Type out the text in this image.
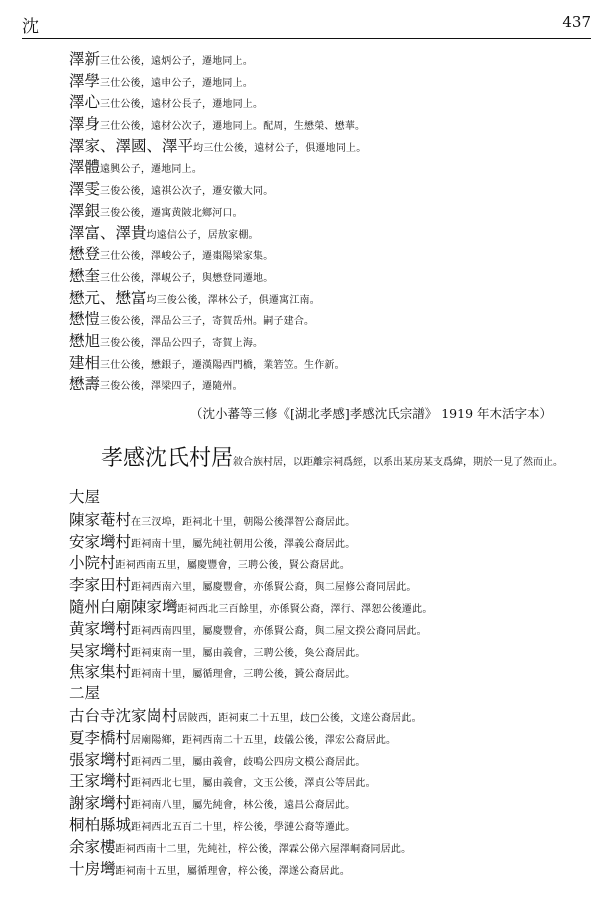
沈	437
澤新三仕公後，遠炳公子，遷地同上。
澤學三仕公後，遠申公子，遷地同上。
澤心三仕公後，遠材公長子，遷地同上。
澤身三仕公後，遠材公次子，遷地同上。配周，生懋榮、懋華。
澤家、澤國、澤平均三仕公後，遠材公子，俱遷地同上。
澤體遠興公子，遷地同上。
澤雯三俊公後，遠祺公次子，遷安徽大同。
澤銀三俊公後，遷寓黄陂北鄉河口。
澤富、澤貴均遠信公子，居敖家棚。
懋登三仕公後，澤峻公子，遷棗陽梁家集。
懋奎三仕公後，澤峴公子，與懋登同遷地。
懋元、懋富均三俊公後，澤林公子，俱遷寓江南。
懋愷三俊公後，澤品公三子，寄賀岳州。嗣子建合。
懋旭三俊公後，澤品公四子，寄賀上海。
建相三仕公後，懋銀子，遷漢陽西門橋，業箬笠。生作新。
懋壽三俊公後，澤梁四子，遷隨州。
（沈小蕃等三修《[湖北孝感]孝感沈氏宗譜》 1919 年木活字本）
孝感沈氏村居敘合族村居，以距離宗祠爲經，以系出某房某支爲緯，期於一見了然而止。
大屋
陳家菴村在三汊埠，距祠北十里，朝陽公後澤智公裔居此。
安家壪村距祠南十里，屬先純社朝用公後，澤義公裔居此。
小院村距祠西南五里，屬慶豐會，三聘公後，賢公裔居此。
李家田村距祠西南六里，屬慶豐會，亦係賢公裔，與二屋修公裔同居此。
隨州白廟陳家壪距祠西北三百餘里，亦係賢公裔，澤行、澤恕公後遷此。
黄家壪村距祠西南四里，屬慶豐會，亦係賢公裔，與二屋文揆公裔同居此。
吴家壪村距祠東南一里，屬由義會，三聘公後，奐公裔居此。
焦家集村距祠南十里，屬循理會，三聘公後，贇公裔居此。
二屋
古台寺沈家崗村居陂西，距祠東二十五里，歧□公後，文達公裔居此。
夏李橋村居廟陽鄉，距祠西南二十五里，歧儀公後，澤宏公裔居此。
張家壪村距祠西二里，屬由義會，歧鳴公四房文模公裔居此。
王家壪村距祠西北七里，屬由義會，文玉公後，澤貞公等居此。
謝家壪村距祠南八里，屬先純會，林公後，遠昌公裔居此。
桐柏縣城距祠西北五百二十里，梓公後，學漣公裔等遷此。
余家樓距祠西南十二里，先純社，梓公後，澤霖公俤六屋澤峒裔同居此。
十房壪距祠南十五里，屬循理會，梓公後，澤遂公裔居此。
